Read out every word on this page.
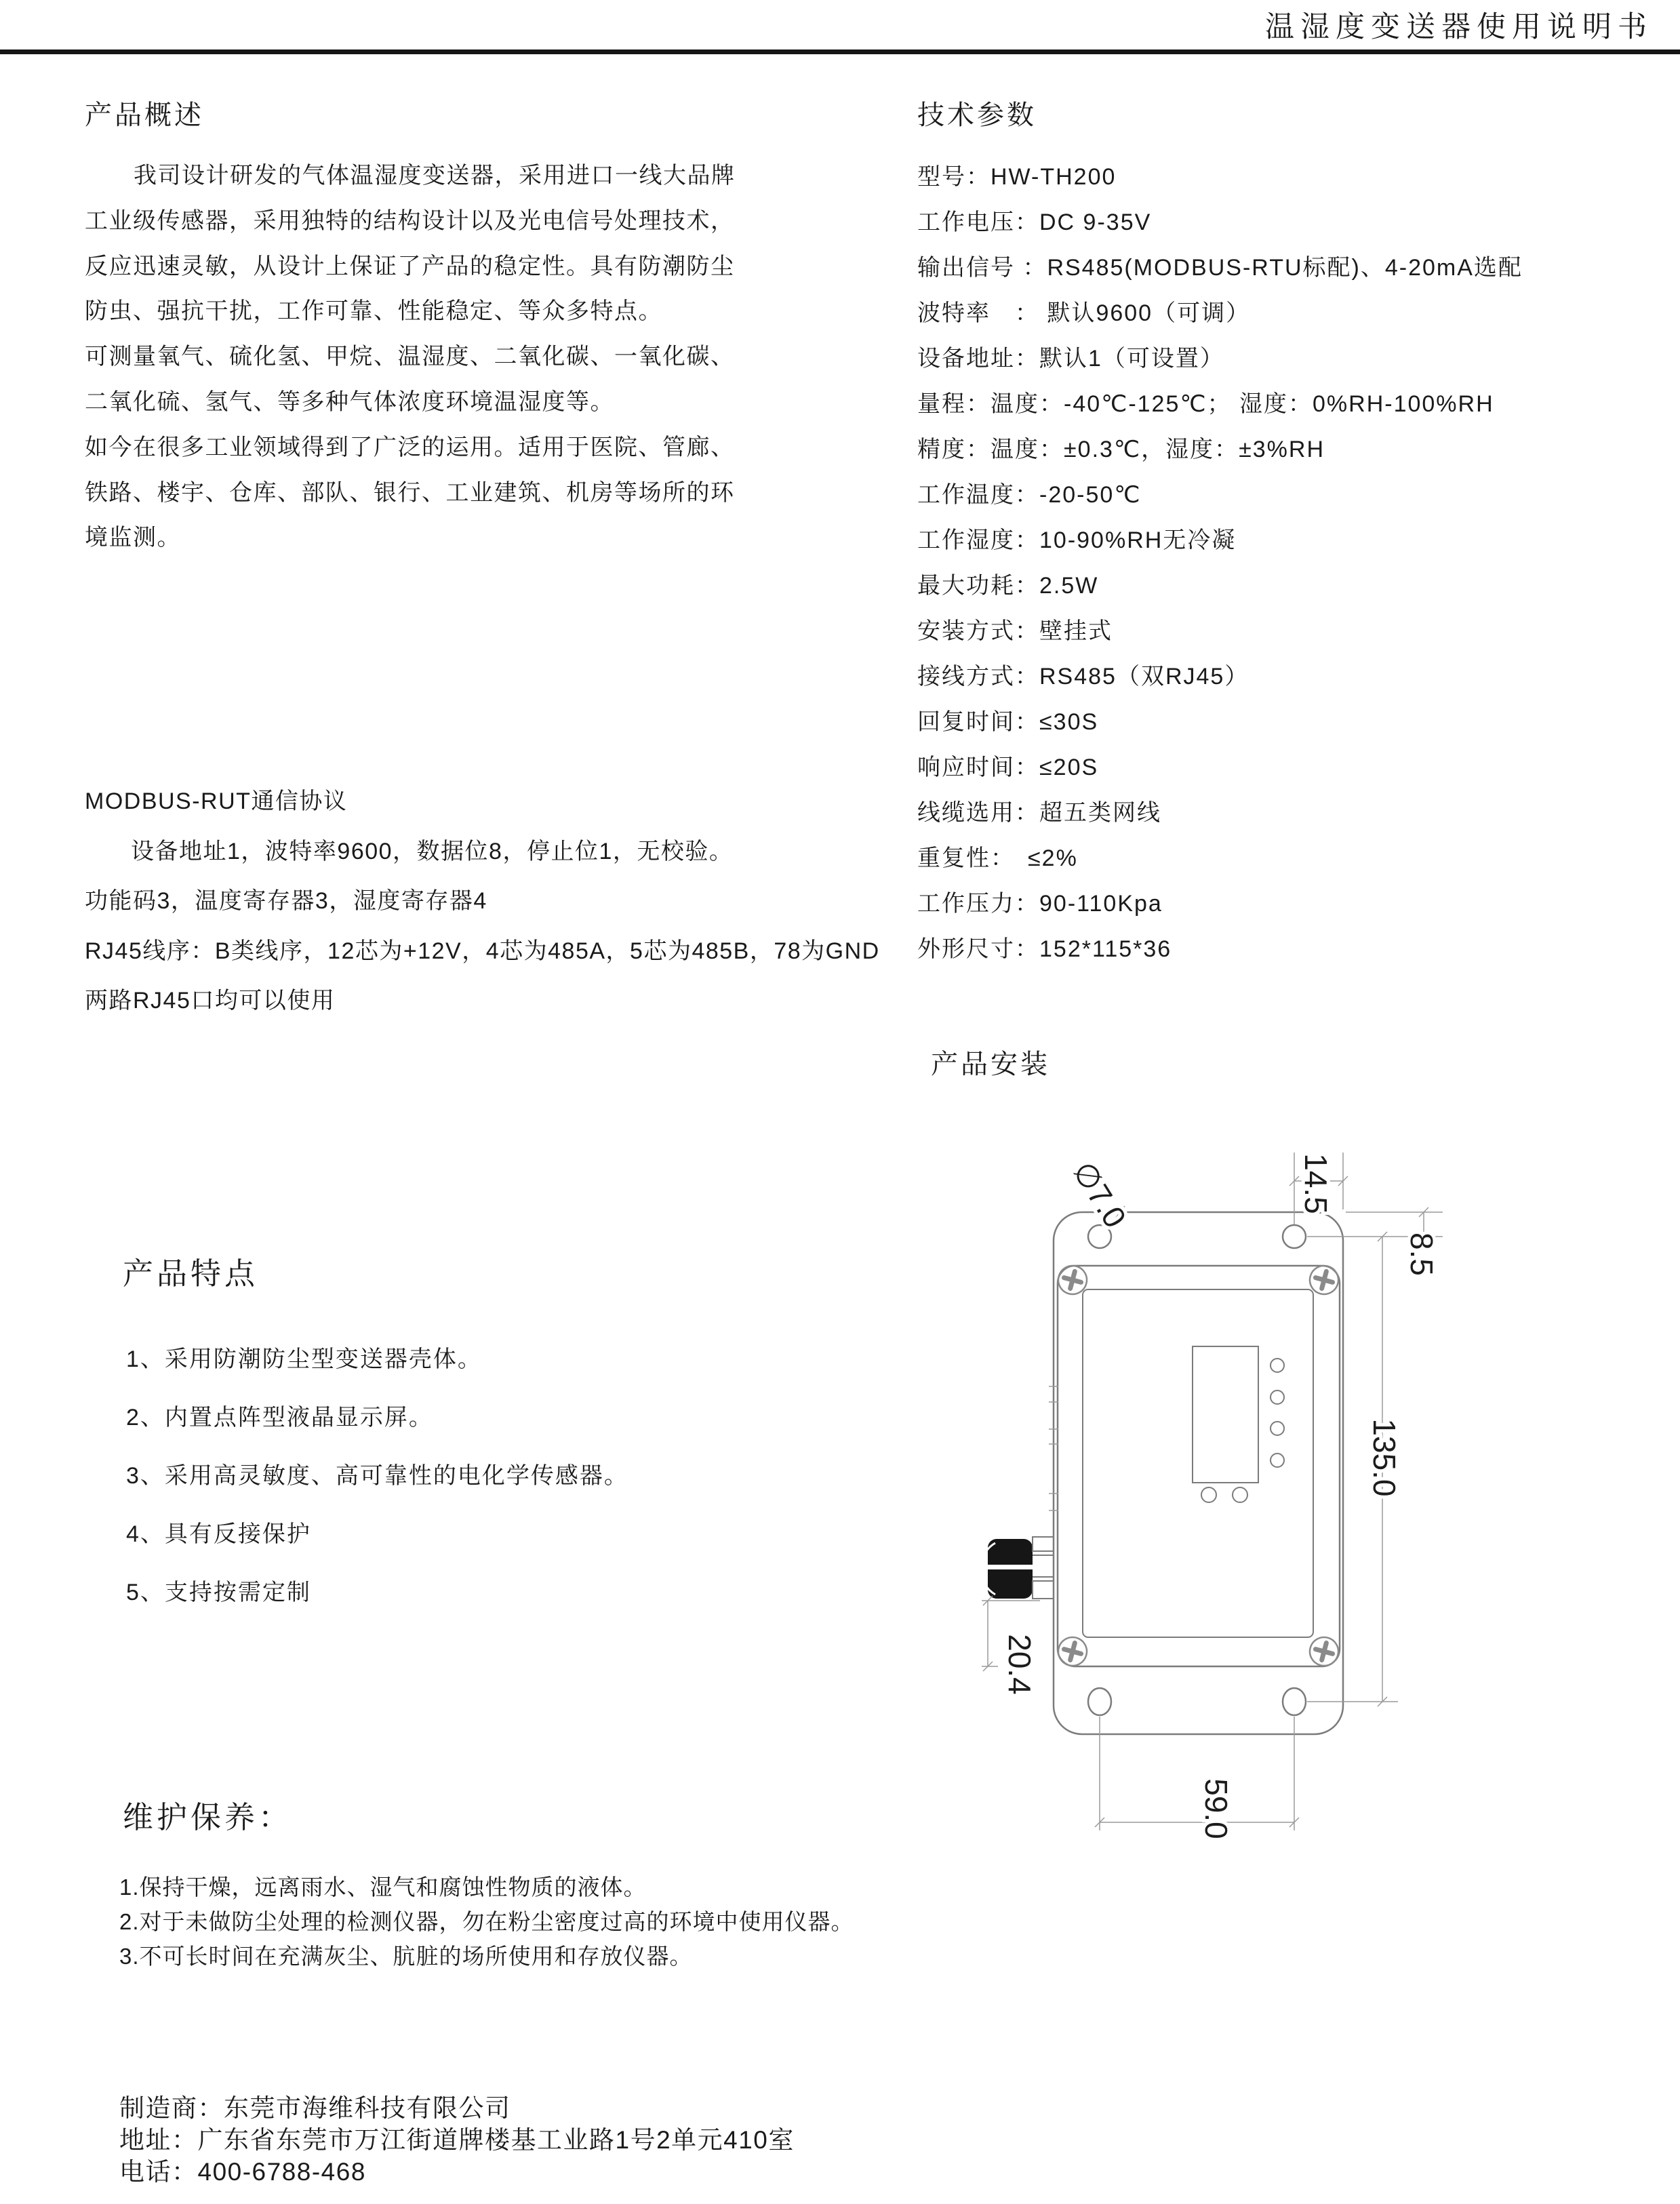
温湿度变送器使用说明书
产品概述
我司设计研发的气体温湿度变送器，采用进口一线大品牌
工业级传感器，采用独特的结构设计以及光电信号处理技术，
反应迅速灵敏，从设计上保证了产品的稳定性。具有防潮防尘
防虫、强抗干扰，工作可靠、性能稳定、等众多特点。
可测量氧气、硫化氢、甲烷、温湿度、二氧化碳、一氧化碳、
二氧化硫、氢气、等多种气体浓度环境温湿度等。
如今在很多工业领域得到了广泛的运用。适用于医院、管廊、
铁路、楼宇、仓库、部队、银行、工业建筑、机房等场所的环
境监测。
MODBUS-RUT通信协议
设备地址1，波特率9600，数据位8，停止位1，无校验。
功能码3，温度寄存器3，湿度寄存器4
RJ45线序：B类线序，12芯为+12V，4芯为485A，5芯为485B，78为GND
两路RJ45口均可以使用
产品特点
1、采用防潮防尘型变送器壳体。
2、内置点阵型液晶显示屏。
3、采用高灵敏度、高可靠性的电化学传感器。
4、具有反接保护
5、支持按需定制
维护保养：
1.保持干燥，远离雨水、湿气和腐蚀性物质的液体。
2.对于未做防尘处理的检测仪器，勿在粉尘密度过高的环境中使用仪器。
3.不可长时间在充满灰尘、肮脏的场所使用和存放仪器。
制造商：东莞市海维科技有限公司
地址：广东省东莞市万江街道牌楼基工业路1号2单元410室
电话：400-6788-468
技术参数
型号：HW-TH200
工作电压：DC 9-35V
输出信号 ：RS485(MODBUS-RTU标配)、4-20mA选配
波特率　： 默认9600（可调）
设备地址：默认1（可设置）
量程：温度：-40℃-125℃； 湿度：0%RH-100%RH
精度：温度：±0.3℃，湿度：±3%RH
工作温度：-20-50℃
工作湿度：10-90%RH无冷凝
最大功耗：2.5W
安装方式：壁挂式
接线方式：RS485（双RJ45）
回复时间：≤30S
响应时间：≤20S
线缆选用：超五类网线
重复性：　≤2%
工作压力：90-110Kpa
外形尺寸：152*115*36
产品安装
∅7.0	14.5
8.5
135.0
20.4
59.0
